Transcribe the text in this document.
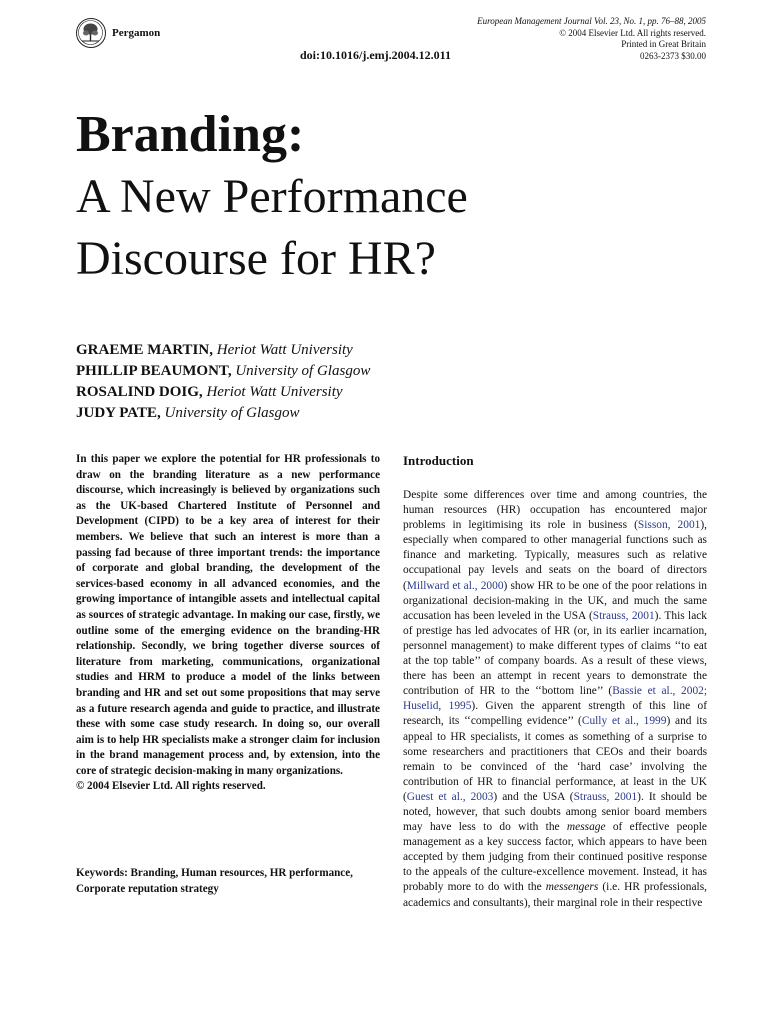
Pergamon
doi:10.1016/j.emj.2004.12.011
European Management Journal Vol. 23, No. 1, pp. 76–88, 2005
© 2004 Elsevier Ltd. All rights reserved.
Printed in Great Britain
0263-2373 $30.00
Branding:
A New Performance
Discourse for HR?
GRAEME MARTIN, Heriot Watt University
PHILLIP BEAUMONT, University of Glasgow
ROSALIND DOIG, Heriot Watt University
JUDY PATE, University of Glasgow

In this paper we explore the potential for HR professionals to draw on the branding literature as a new performance discourse, which increasingly is believed by organizations such as the UK-based Chartered Institute of Personnel and Development (CIPD) to be a key area of interest for their members. We believe that such an interest is more than a passing fad because of three important trends: the importance of corporate and global branding, the development of the services-based economy in all advanced economies, and the growing importance of intangible assets and intellectual capital as sources of strategic advantage. In making our case, firstly, we outline some of the emerging evidence on the branding-HR relationship. Secondly, we bring together diverse sources of literature from marketing, communications, organizational studies and HRM to produce a model of the links between branding and HR and set out some propositions that may serve as a future research agenda and guide to practice, and illustrate these with some case study research. In doing so, our overall aim is to help HR specialists make a stronger claim for inclusion in the brand management process and, by extension, into the core of strategic decision-making in many organizations.

© 2004 Elsevier Ltd. All rights reserved.

Keywords: Branding, Human resources, HR performance, Corporate reputation strategy
Introduction

Despite some differences over time and among countries, the human resources (HR) occupation has encountered major problems in legitimising its role in business (Sisson, 2001), especially when compared to other managerial functions such as finance and marketing. Typically, measures such as relative occupational pay levels and seats on the board of directors (Millward et al., 2000) show HR to be one of the poor relations in organizational decision-making in the UK, and much the same accusation has been leveled in the USA (Strauss, 2001). This lack of prestige has led advocates of HR (or, in its earlier incarnation, personnel management) to make different types of claims ‘‘to eat at the top table’’ of company boards. As a result of these views, there has been an attempt in recent years to demonstrate the contribution of HR to the ‘‘bottom line’’ (Bassie et al., 2002; Huselid, 1995). Given the apparent strength of this line of research, its ‘‘compelling evidence’’ (Cully et al., 1999) and its appeal to HR specialists, it comes as something of a surprise to some researchers and practitioners that CEOs and their boards remain to be convinced of the ‘hard case’ involving the contribution of HR to financial performance, at least in the UK (Guest et al., 2003) and the USA (Strauss, 2001). It should be noted, however, that such doubts among senior board members may have less to do with the message of effective people management as a key success factor, which appears to have been accepted by them judging from their continued positive response to the appeals of the culture-excellence movement. Instead, it has probably more to do with the messengers (i.e. HR professionals, academics and consultants), their marginal role in their respective
